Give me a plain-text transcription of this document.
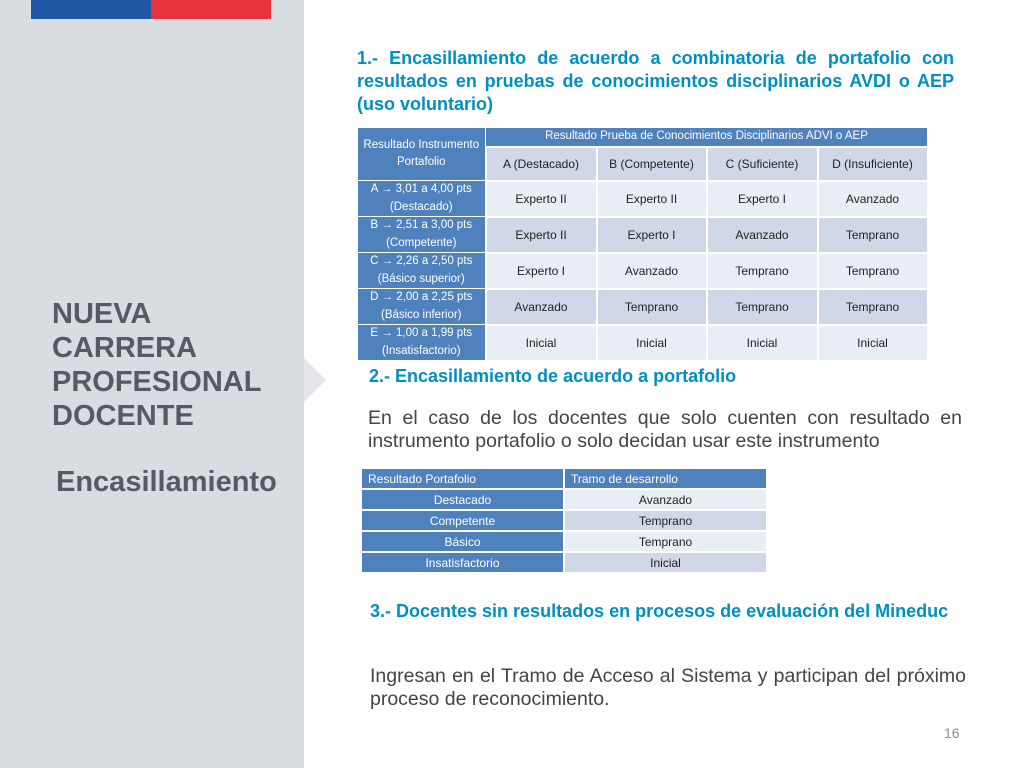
NUEVA
CARRERA
PROFESIONAL
DOCENTE
Encasillamiento
1.- Encasillamiento de acuerdo a combinatoria de portafolio con resultados en pruebas de conocimientos disciplinarios AVDI o AEP (uso voluntario)
Resultado Instrumento Portafolio	Resultado Prueba de Conocimientos Disciplinarios ADVI o AEP			
	A (Destacado)	B (Competente)	C (Suficiente)	D (Insuficiente)
A → 3,01 a 4,00 pts
(Destacado)	Experto II	Experto II	Experto I	Avanzado
B → 2,51 a 3,00 pts
(Competente)	Experto II	Experto I	Avanzado	Temprano
C → 2,26 a 2,50 pts
(Básico superior)	Experto I	Avanzado	Temprano	Temprano
D → 2,00 a 2,25 pts
(Básico inferior)	Avanzado	Temprano	Temprano	Temprano
E → 1,00 a 1,99 pts
(Insatisfactorio)	Inicial	Inicial	Inicial	Inicial
2.- Encasillamiento de acuerdo a portafolio
En el caso de los docentes que solo cuenten con resultado en instrumento portafolio o solo decidan usar este instrumento
Resultado Portafolio	Tramo de desarrollo
Destacado	Avanzado
Competente	Temprano
Básico	Temprano
Insatisfactorio	Inicial
3.- Docentes sin resultados en procesos de evaluación del Mineduc
Ingresan en el Tramo de Acceso al Sistema y participan del próximo proceso de reconocimiento.
16
